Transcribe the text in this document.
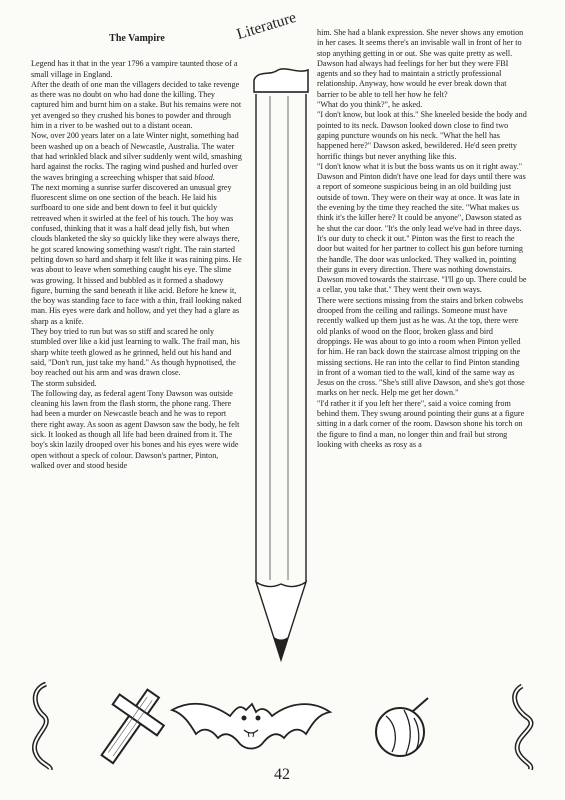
Literature
The Vampire

Legend has it that in the year 1796 a vampire taunted those of a small village in England.

After the death of one man the villagers decided to take revenge as there was no doubt on who had done the killing. They captured him and burnt him on a stake. But his remains were not yet avenged so they crushed his bones to powder and through him in a river to be washed out to a distant ocean.

Now, over 200 years later on a late Winter night, something had been washed up on a beach of Newcastle, Australia. The water that had wrinkled black and silver suddenly went wild, smashing hard against the rocks. The raging wind pushed and hurled over the waves bringing a screeching whisper that said blood.

The next morning a sunrise surfer discovered an unusual grey fluorescent slime on one section of the beach. He laid his surfboard to one side and bent down to feel it but quickly retreaved when it swirled at the feel of his touch. The boy was confused, thinking that it was a half dead jelly fish, but when clouds blanketed the sky so quickly like they were always there, he got scared knowing something wasn't right. The rain started pelting down so hard and sharp it felt like it was raining pins. He was about to leave when something caught his eye. The slime was growing. It hissed and bubbled as it formed a shadowy figure, burning the sand beneath it like acid. Before he knew it, the boy was standing face to face with a thin, frail looking naked man. His eyes were dark and hollow, and yet they had a glare as sharp as a knife.

They boy tried to run but was so stiff and scared he only stumbled over like a kid just learning to walk. The frail man, his sharp white teeth glowed as he grinned, held out his hand and said, "Don't run, just take my hand." As though hypnotised, the boy reached out his arm and was drawn close.

The storm subsided.

The following day, as federal agent Tony Dawson was outside cleaning his lawn from the flash storm, the phone rang. There had been a murder on Newcastle beach and he was to report there right away. As soon as agent Dawson saw the body, he felt sick. It looked as though all life had been drained from it. The boy's skin lazily drooped over his bones and his eyes were wide open without a speck of colour. Dawson's partner, Pinton, walked over and stood beside

him. She had a blank expression. She never shows any emotion in her cases. It seems there's an invisable wall in front of her to stop anything getting in or out. She was quite pretty as well. Dawson had always had feelings for her but they were FBI agents and so they had to maintain a strictly professional relationship. Anyway, how would he ever break down that barrier to be able to tell her how he felt?

"What do you think?", he asked.

"I don't know, but look at this." She kneeled beside the body and pointed to its neck. Dawson looked down close to find two gaping puncture wounds on his neck. "What the hell has happened here?" Dawson asked, bewildered. He'd seen pretty horrific things but never anything like this.

"I don't know what it is but the boss wants us on it right away."

Dawson and Pinton didn't have one lead for days until there was a report of someone suspicious being in an old building just outside of town. They were on their way at once. It was late in the evening by the time they reached the site. "What makes us think it's the killer here? It could be anyone", Dawson stated as he shut the car door. "It's the only lead we've had in three days. It's our duty to check it out." Pinton was the first to reach the door but waited for her partner to collect his gun before turning the handle. The door was unlocked. They walked in, pointing their guns in every direction. There was nothing downstairs. Dawson moved towards the staircase. "I'll go up. There could be a cellar, you take that." They went their own ways.

There were sections missing from the stairs and brken cobwebs drooped from the ceiling and railings. Someone must have recently walked up them just as he was. At the top, there were old planks of wood on the floor, broken glass and bird droppings. He was about to go into a room when Pinton yelled for him. He ran back down the staircase almost tripping on the missing sections. He ran into the cellar to find Pinton standing in front of a woman tied to the wall, kind of the same way as Jesus on the cross. "She's still alive Dawson, and she's got those marks on her neck. Help me get her down."

"I'd rather it if you left her there", said a voice coming from behind them. They swung around pointing their guns at a figure sitting in a dark corner of the room. Dawson shone his torch on the figure to find a man, no longer thin and frail but strong looking with cheeks as rosy as a

42
